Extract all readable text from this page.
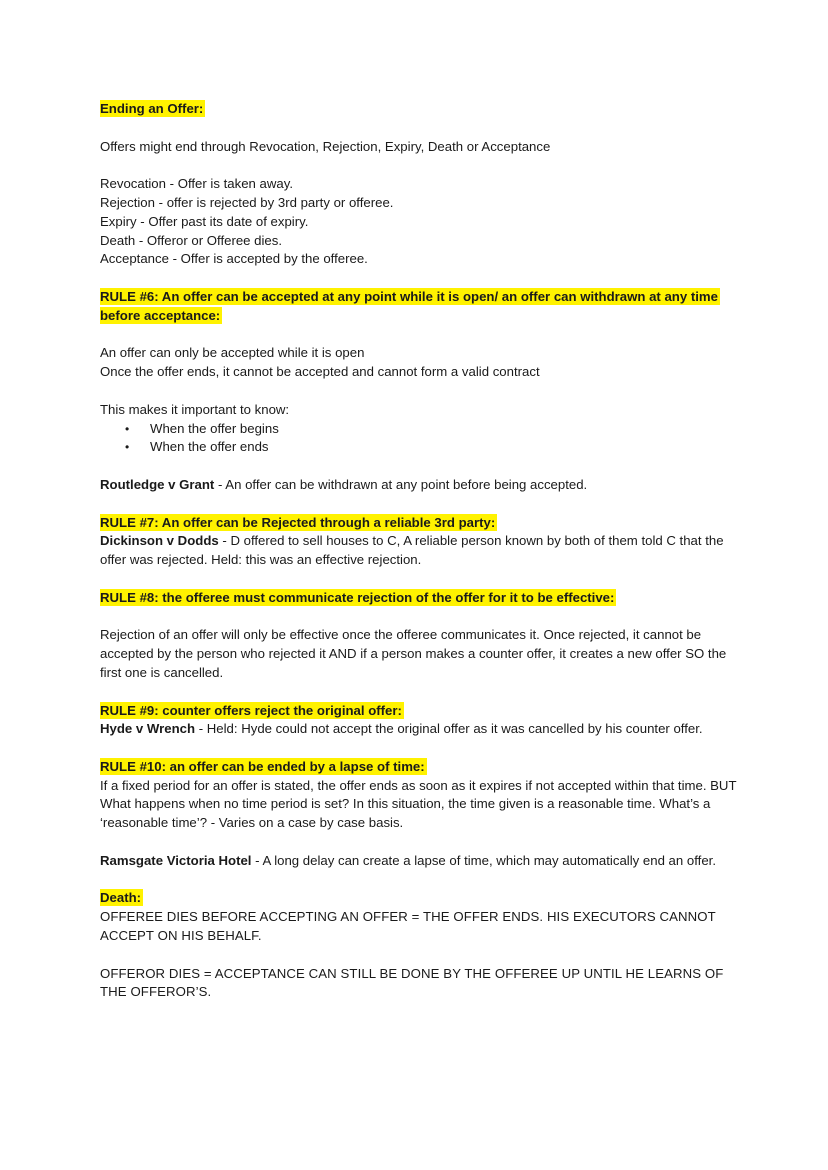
Ending an Offer:

Offers might end through Revocation, Rejection, Expiry, Death or Acceptance

Revocation - Offer is taken away.

Rejection - offer is rejected by 3rd party or offeree.

Expiry - Offer past its date of expiry.

Death - Offeror or Offeree dies.

Acceptance - Offer is accepted by the offeree.

RULE #6: An offer can be accepted at any point while it is open/ an offer can withdrawn at any time before acceptance:

An offer can only be accepted while it is open

Once the offer ends, it cannot be accepted and cannot form a valid contract

This makes it important to know:

• When the offer begins
• When the offer ends

Routledge v Grant - An offer can be withdrawn at any point before being accepted.

RULE #7: An offer can be Rejected through a reliable 3rd party:

Dickinson v Dodds - D offered to sell houses to C, A reliable person known by both of them told C that the offer was rejected. Held: this was an effective rejection.

RULE #8: the offeree must communicate rejection of the offer for it to be effective:

Rejection of an offer will only be effective once the offeree communicates it. Once rejected, it cannot be accepted by the person who rejected it AND if a person makes a counter offer, it creates a new offer SO the first one is cancelled.

RULE #9: counter offers reject the original offer:

Hyde v Wrench - Held: Hyde could not accept the original offer as it was cancelled by his counter offer.

RULE #10: an offer can be ended by a lapse of time:

If a fixed period for an offer is stated, the offer ends as soon as it expires if not accepted within that time. BUT What happens when no time period is set? In this situation, the time given is a reasonable time. What’s a ‘reasonable time’? - Varies on a case by case basis.

Ramsgate Victoria Hotel - A long delay can create a lapse of time, which may automatically end an offer.

Death:

OFFEREE DIES BEFORE ACCEPTING AN OFFER = THE OFFER ENDS. HIS EXECUTORS CANNOT ACCEPT ON HIS BEHALF.

OFFEROR DIES = ACCEPTANCE CAN STILL BE DONE BY THE OFFEREE UP UNTIL HE LEARNS OF THE OFFEROR’S.
